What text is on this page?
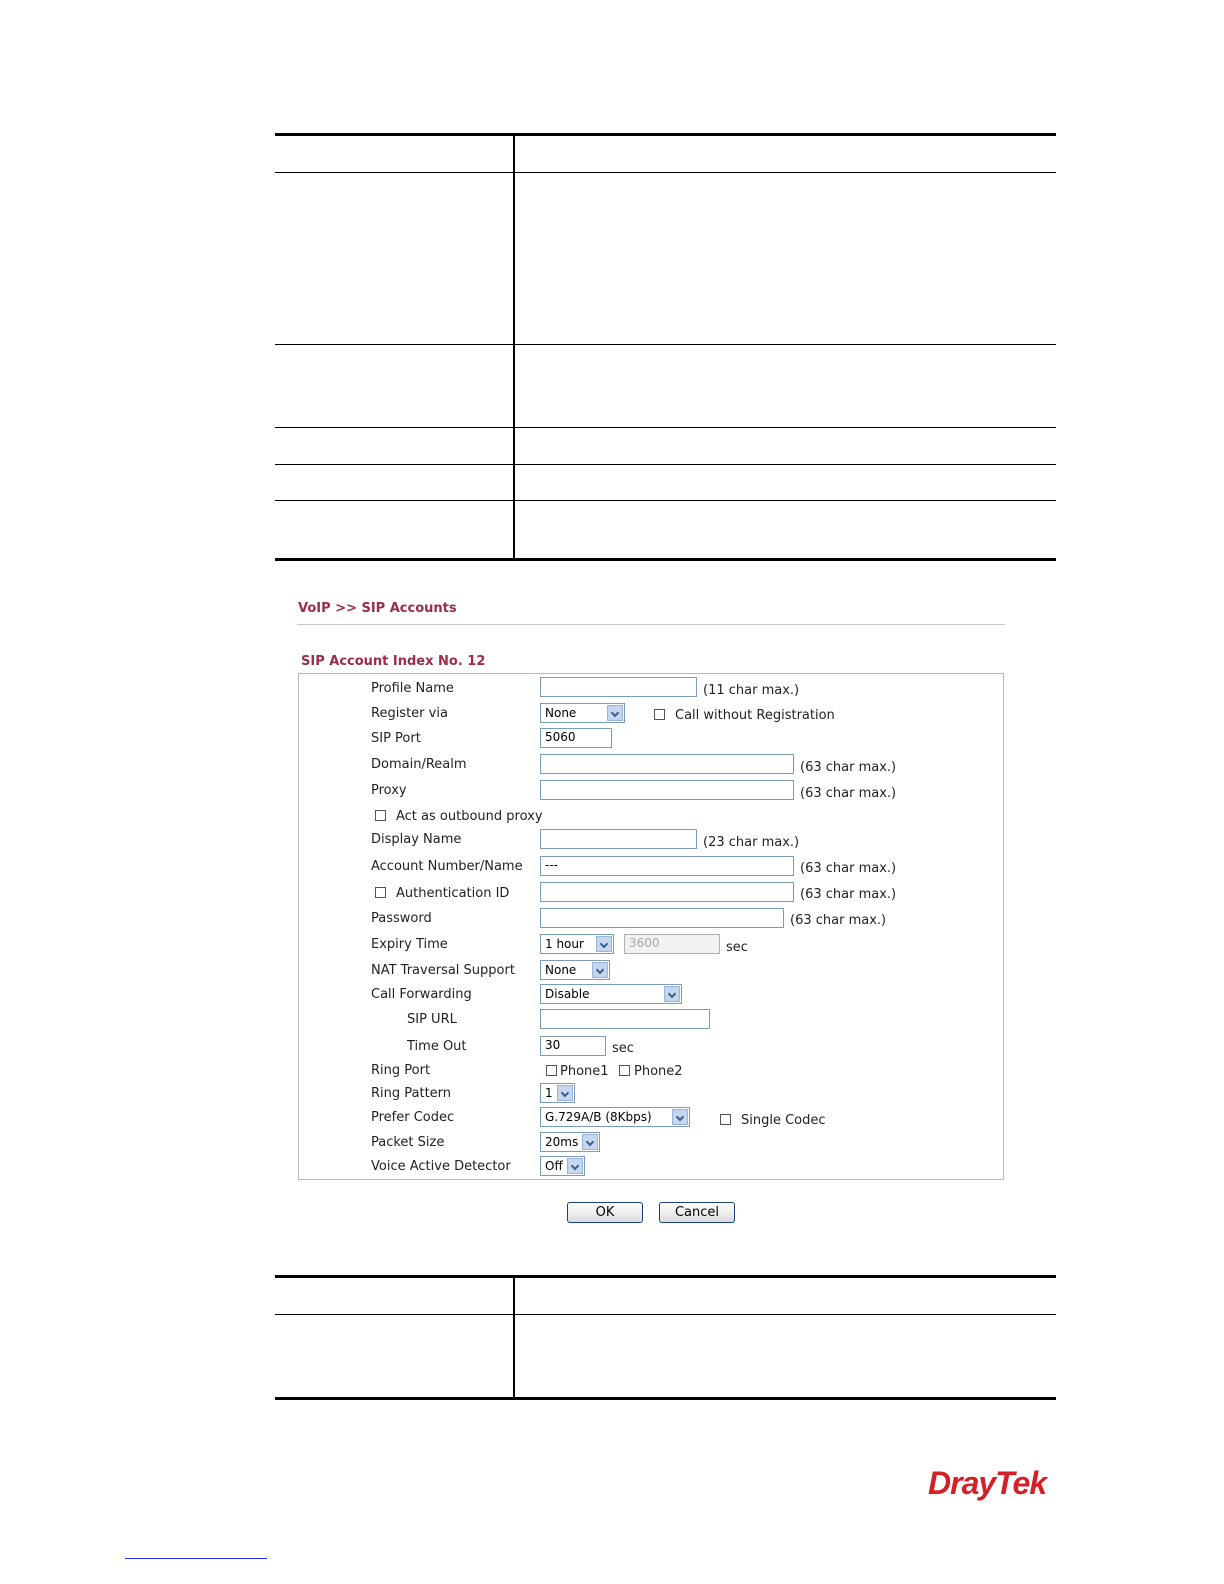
VoIP >> SIP Accounts
SIP Account Index No. 12
Profile Name	(11 char max.)
Register via	None	Call without Registration
SIP Port	5060
Domain/Realm	(63 char max.)
Proxy	(63 char max.)
Act as outbound proxy
Display Name	(23 char max.)
Account Number/Name	---	(63 char max.)
Authentication ID	(63 char max.)
Password	(63 char max.)
Expiry Time	1 hour	3600	sec
NAT Traversal Support	None
Call Forwarding	Disable
SIP URL
Time Out	30	sec
Ring Port	Phone1 Phone2
Ring Pattern	1
Prefer Codec	G.729A/B (8Kbps)	Single Codec
Packet Size	20ms
Voice Active Detector	Off
OK	Cancel

DrayTek
